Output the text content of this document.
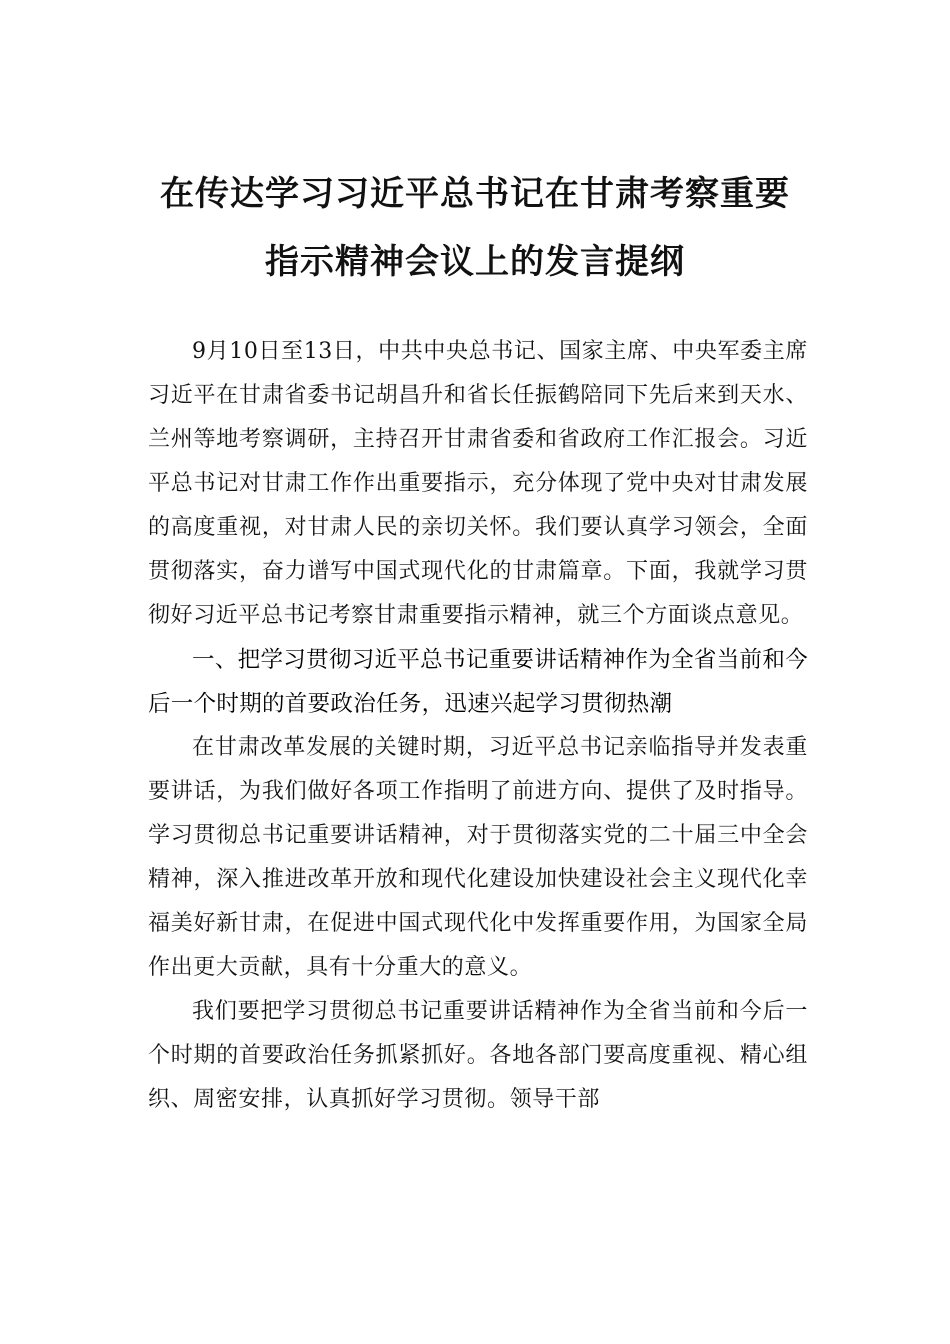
在传达学习习近平总书记在甘肃考察重要
指示精神会议上的发言提纲

9月10日至13日，中共中央总书记、国家主席、中央军委主席习近平在甘肃省委书记胡昌升和省长任振鹤陪同下先后来到天水、兰州等地考察调研，主持召开甘肃省委和省政府工作汇报会。习近平总书记对甘肃工作作出重要指示，充分体现了党中央对甘肃发展的高度重视，对甘肃人民的亲切关怀。我们要认真学习领会，全面贯彻落实，奋力谱写中国式现代化的甘肃篇章。下面，我就学习贯彻好习近平总书记考察甘肃重要指示精神，就三个方面谈点意见。

一、把学习贯彻习近平总书记重要讲话精神作为全省当前和今后一个时期的首要政治任务，迅速兴起学习贯彻热潮

在甘肃改革发展的关键时期，习近平总书记亲临指导并发表重要讲话，为我们做好各项工作指明了前进方向、提供了及时指导。学习贯彻总书记重要讲话精神，对于贯彻落实党的二十届三中全会精神，深入推进改革开放和现代化建设加快建设社会主义现代化幸福美好新甘肃，在促进中国式现代化中发挥重要作用，为国家全局作出更大贡献，具有十分重大的意义。

我们要把学习贯彻总书记重要讲话精神作为全省当前和今后一个时期的首要政治任务抓紧抓好。各地各部门要高度重视、精心组织、周密安排，认真抓好学习贯彻。领导干部
